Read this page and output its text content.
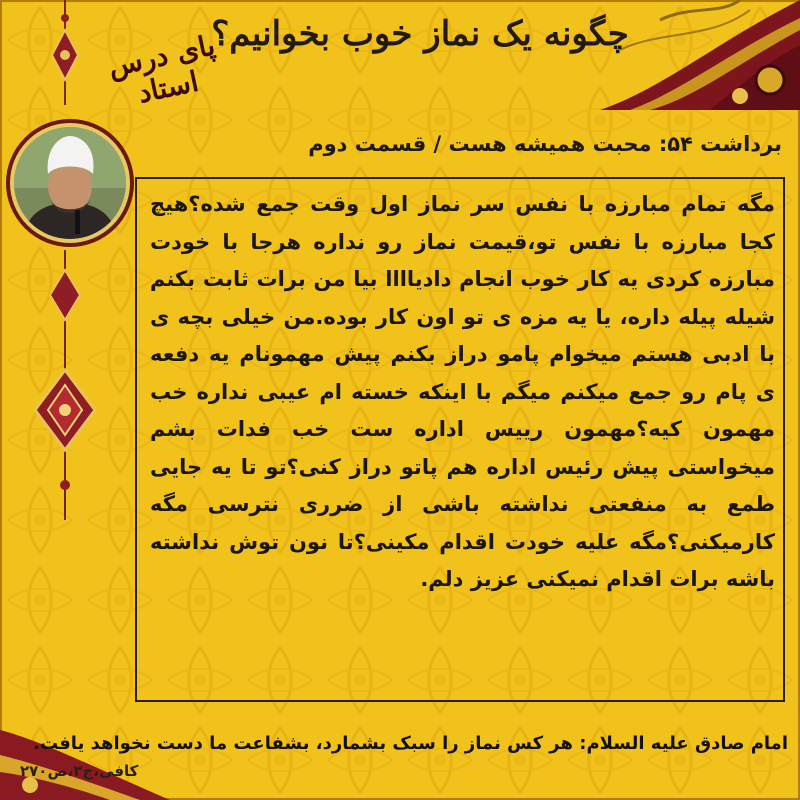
چگونه یک نماز خوب بخوانیم؟
پای درس استاد
برداشت ۵۴: محبت همیشه هست / قسمت دوم
مگه تمام مبارزه با نفس سر نماز اول وقت جمع شده؟هیچ کجا مبارزه با نفس تو،قیمت نماز رو نداره هرجا با خودت مبارزه کردی یه کار خوب انجام دادیاااا بیا من برات ثابت بکنم شیله پیله داره، یا یه مزه ی تو اون کار بوده.من خیلی بچه ی با ادبی هستم میخوام پامو دراز بکنم پیش مهمونام یه دفعه ی پام رو جمع میکنم میگم با اینکه خسته ام عیبی نداره خب مهمون کیه؟مهمون رییس اداره ست خب فدات بشم میخواستی پیش رئیس اداره هم پاتو دراز کنی؟تو تا یه جایی طمع به منفعتی نداشته باشی از ضرری نترسی مگه کارمیکنی؟مگه علیه خودت اقدام مکینی؟تا نون توش نداشته باشه برات اقدام نمیکنی عزیز دلم.
امام صادق علیه السلام: هر کس نماز را سبک بشمارد، بشفاعت ما دست نخواهد یافت.
کافی،ج۳،ص۲۷۰
